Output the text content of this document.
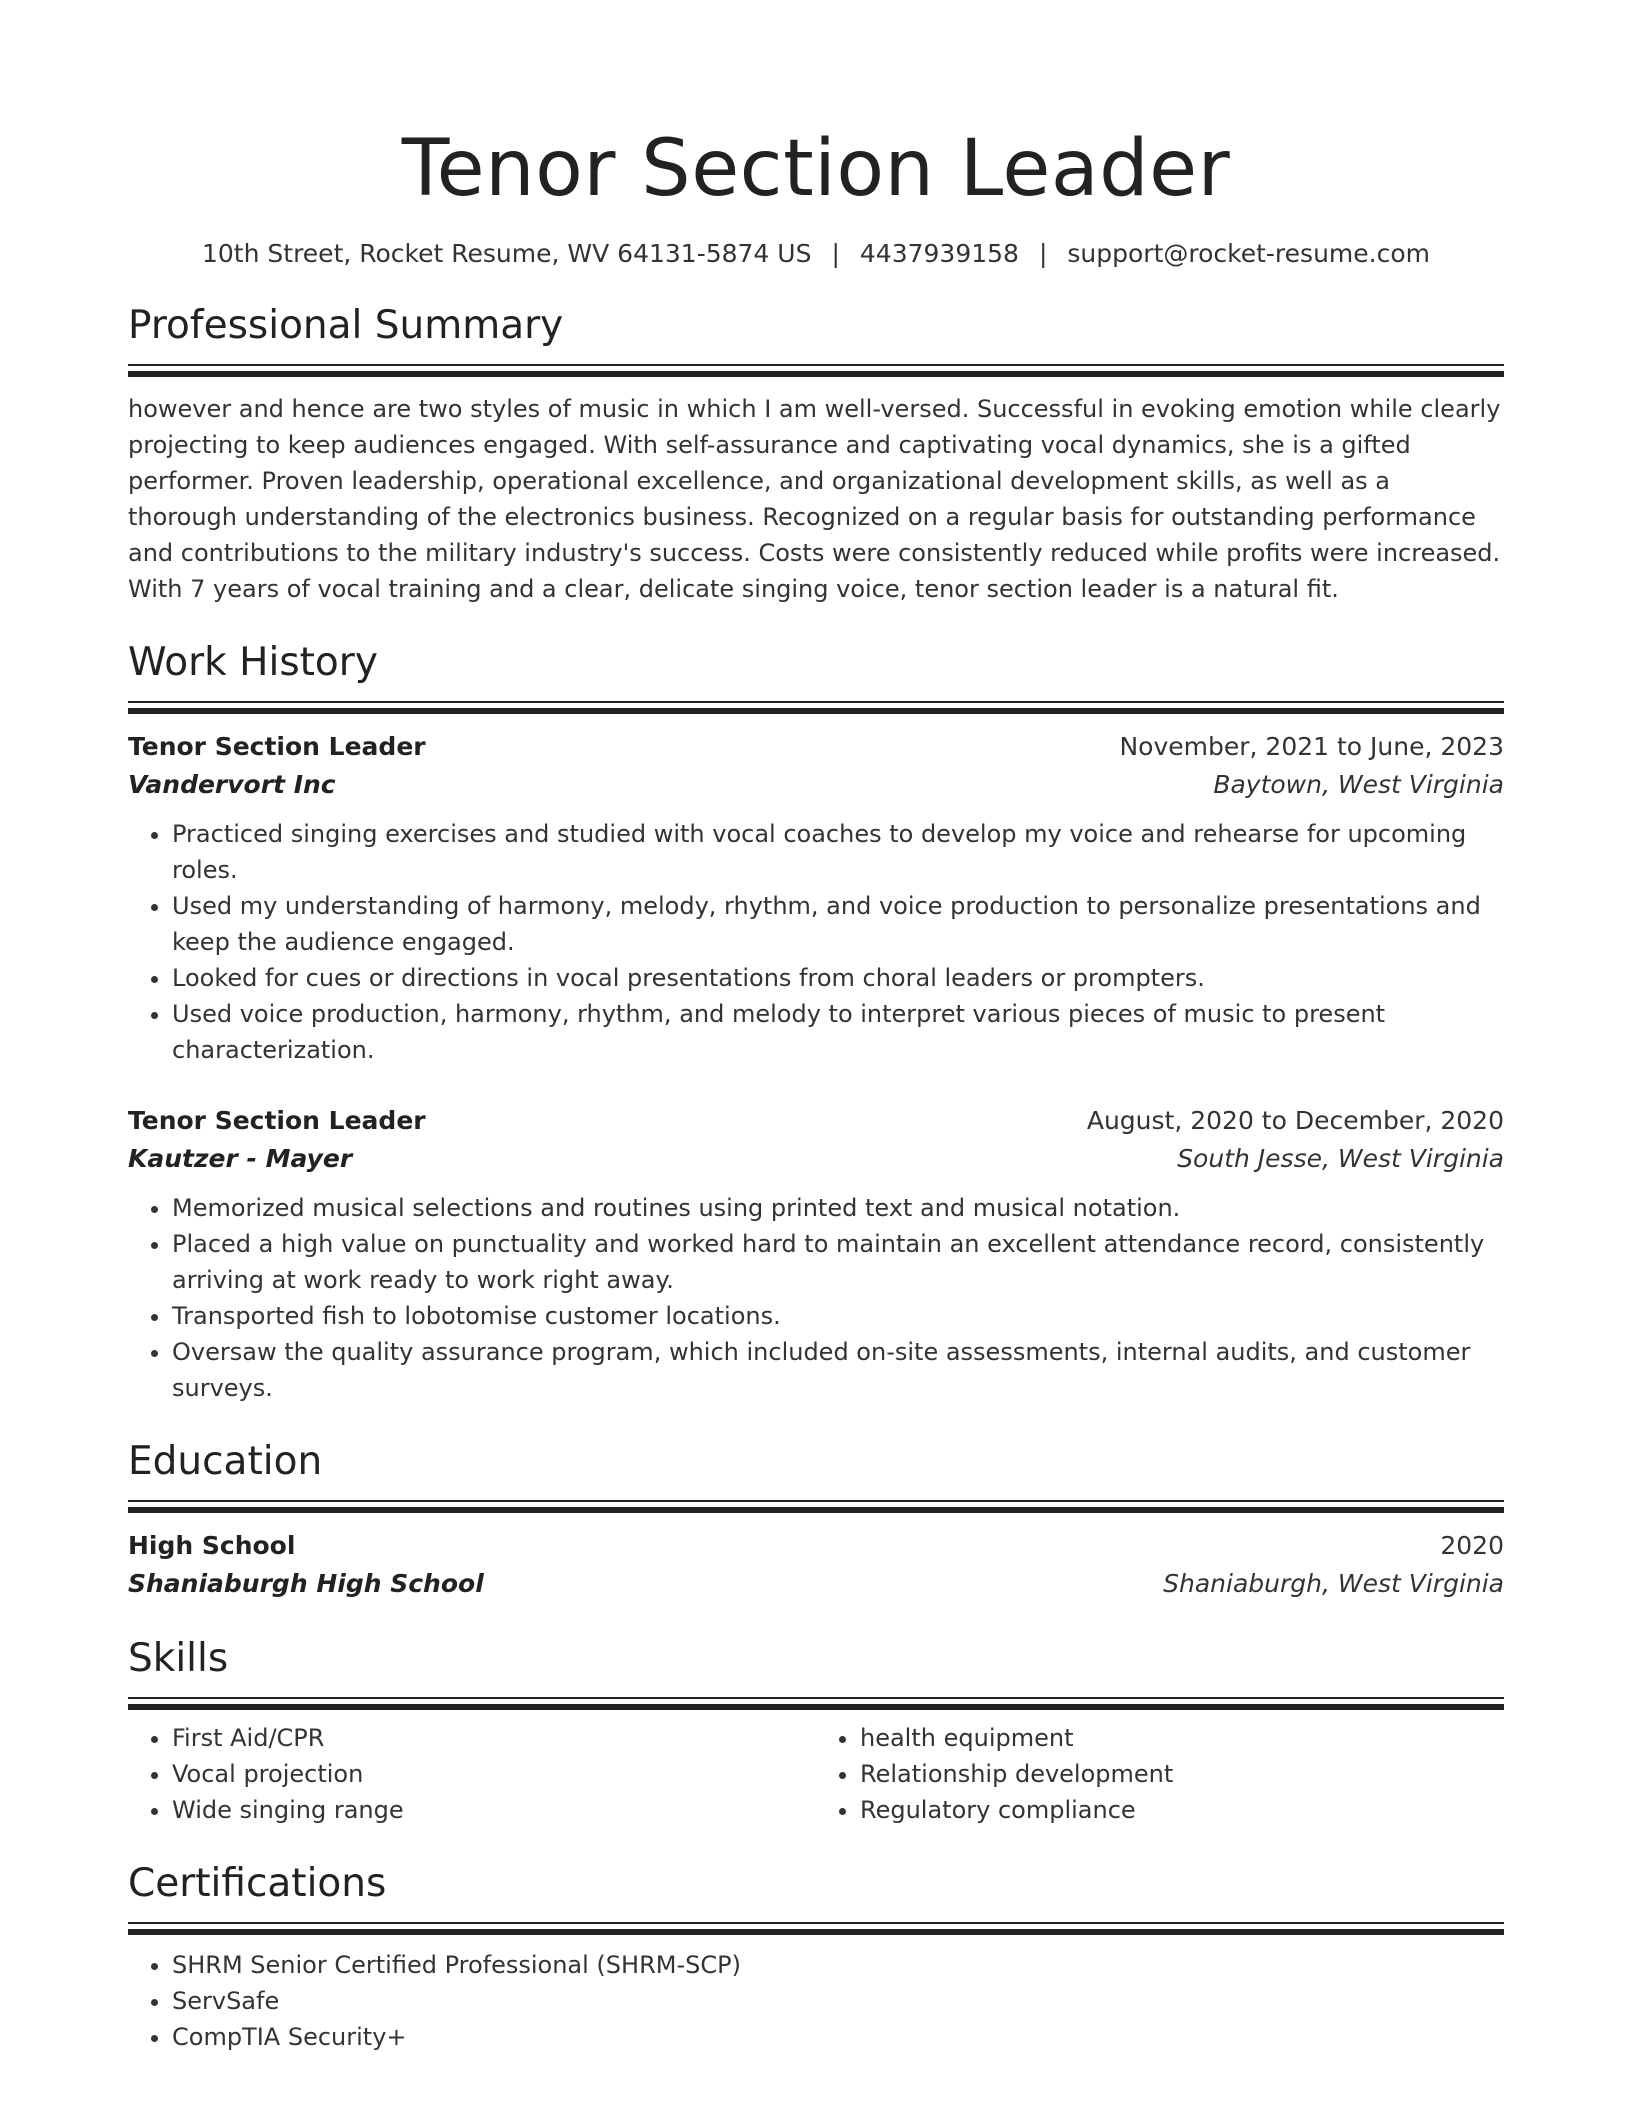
Tenor Section Leader
10th Street, Rocket Resume, WV 64131-5874 US | 4437939158 | support@rocket-resume.com
Professional Summary
however and hence are two styles of music in which I am well-versed. Successful in evoking emotion while clearly projecting to keep audiences engaged. With self-assurance and captivating vocal dynamics, she is a gifted performer. Proven leadership, operational excellence, and organizational development skills, as well as a thorough understanding of the electronics business. Recognized on a regular basis for outstanding performance and contributions to the military industry's success. Costs were consistently reduced while profits were increased. With 7 years of vocal training and a clear, delicate singing voice, tenor section leader is a natural fit.
Work History
Tenor Section Leader	November, 2021 to June, 2023
Vandervort Inc	Baytown, West Virginia
• Practiced singing exercises and studied with vocal coaches to develop my voice and rehearse for upcoming roles.
• Used my understanding of harmony, melody, rhythm, and voice production to personalize presentations and keep the audience engaged.
• Looked for cues or directions in vocal presentations from choral leaders or prompters.
• Used voice production, harmony, rhythm, and melody to interpret various pieces of music to present characterization.
Tenor Section Leader	August, 2020 to December, 2020
Kautzer - Mayer	South Jesse, West Virginia
• Memorized musical selections and routines using printed text and musical notation.
• Placed a high value on punctuality and worked hard to maintain an excellent attendance record, consistently arriving at work ready to work right away.
• Transported fish to lobotomise customer locations.
• Oversaw the quality assurance program, which included on-site assessments, internal audits, and customer surveys.
Education
High School	2020
Shaniaburgh High School	Shaniaburgh, West Virginia
Skills
• First Aid/CPR
• Vocal projection
• Wide singing range
• health equipment
• Relationship development
• Regulatory compliance
Certifications
• SHRM Senior Certified Professional (SHRM-SCP)
• ServSafe
• CompTIA Security+
